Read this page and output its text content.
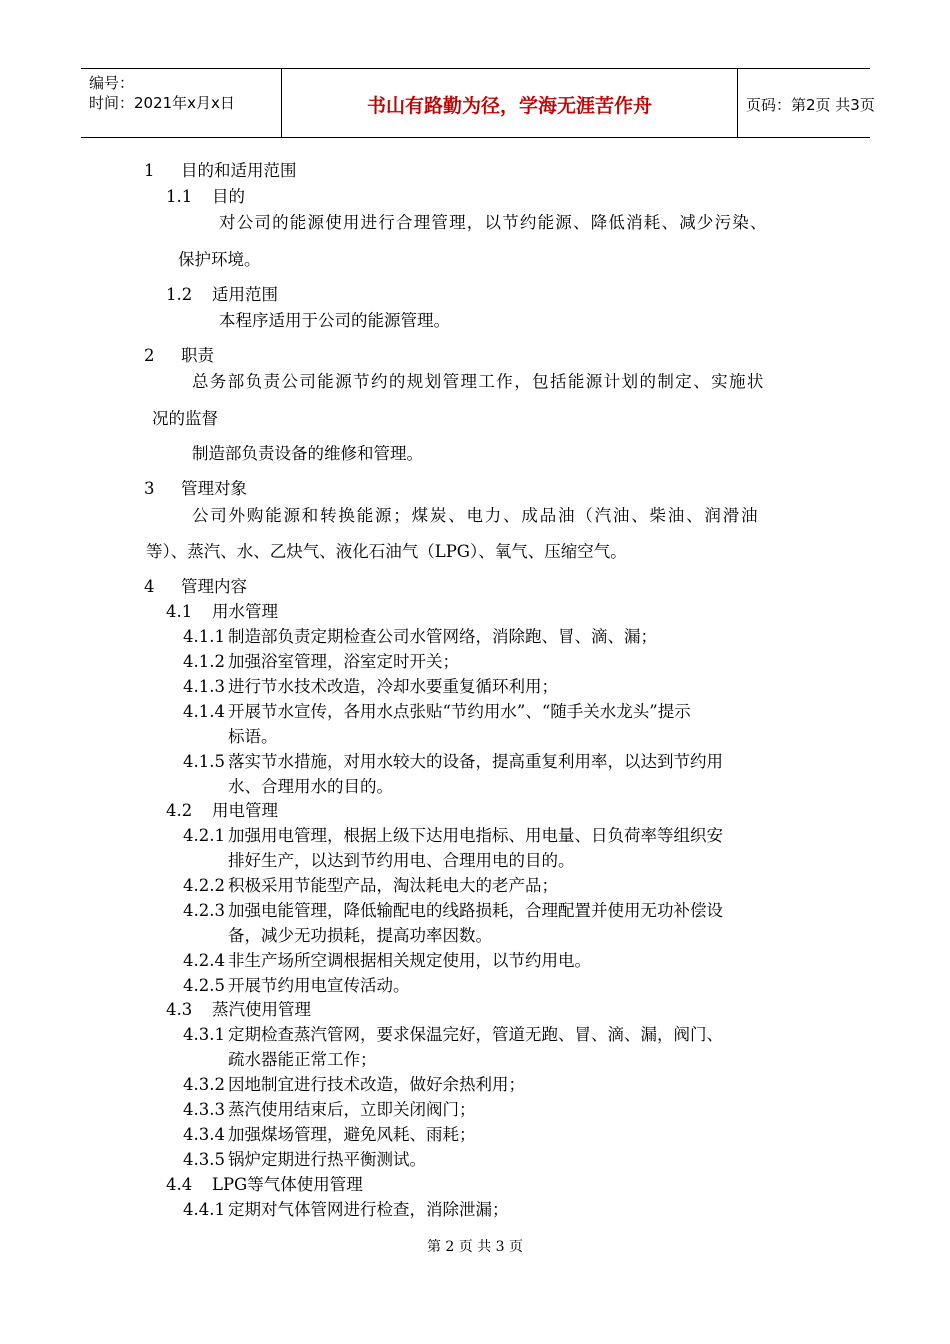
编号：
时间：2021年x月x日	书山有路勤为径，学海无涯苦作舟	页码：第2页 共3页
1 目的和适用范围
1.1 目的
对公司的能源使用进行合理管理，以节约能源、降低消耗、减少污染、
保护环境。
1.2 适用范围
本程序适用于公司的能源管理。
2 职责
总务部负责公司能源节约的规划管理工作，包括能源计划的制定、实施状
况的监督
制造部负责设备的维修和管理。
3 管理对象
公司外购能源和转换能源；煤炭、电力、成品油（汽油、柴油、润滑油
等）、蒸汽、水、乙炔气、液化石油气（LPG）、氧气、压缩空气。
4 管理内容
4.1 用水管理
4.1.1 制造部负责定期检查公司水管网络，消除跑、冒、滴、漏；
4.1.2 加强浴室管理，浴室定时开关；
4.1.3 进行节水技术改造，冷却水要重复循环利用；
4.1.4 开展节水宣传，各用水点张贴“节约用水”、“随手关水龙头”提示
标语。
4.1.5 落实节水措施，对用水较大的设备，提高重复利用率，以达到节约用
水、合理用水的目的。
4.2 用电管理
4.2.1 加强用电管理，根据上级下达用电指标、用电量、日负荷率等组织安
排好生产，以达到节约用电、合理用电的目的。
4.2.2 积极采用节能型产品，淘汰耗电大的老产品；
4.2.3 加强电能管理，降低输配电的线路损耗，合理配置并使用无功补偿设
备，减少无功损耗，提高功率因数。
4.2.4 非生产场所空调根据相关规定使用，以节约用电。
4.2.5 开展节约用电宣传活动。
4.3 蒸汽使用管理
4.3.1 定期检查蒸汽管网，要求保温完好，管道无跑、冒、滴、漏，阀门、
疏水器能正常工作；
4.3.2 因地制宜进行技术改造，做好余热利用；
4.3.3 蒸汽使用结束后，立即关闭阀门；
4.3.4 加强煤场管理，避免风耗、雨耗；
4.3.5 锅炉定期进行热平衡测试。
4.4 LPG等气体使用管理
4.4.1 定期对气体管网进行检查，消除泄漏；
第 2 页 共 3 页
